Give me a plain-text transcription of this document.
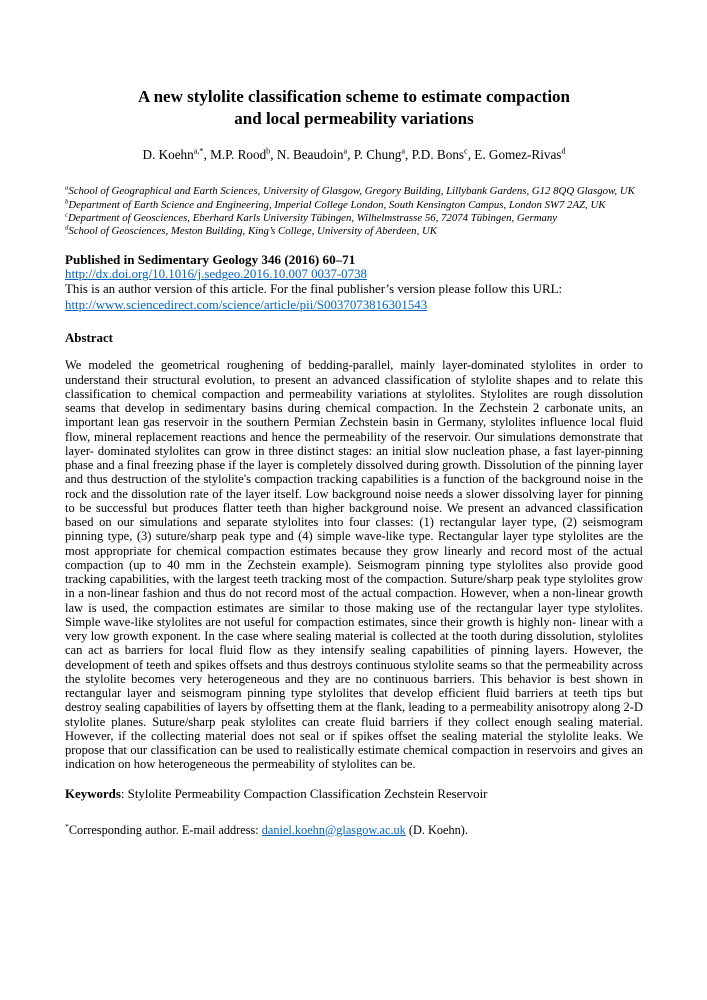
A new stylolite classification scheme to estimate compaction
and local permeability variations

D. Koehn$^{a,*}$, M.P. Rood$^b$, N. Beaudoin$^a$, P. Chung$^a$, P.D. Bons$^c$, E. Gomez-Rivas$^d$

$^a$School of Geographical and Earth Sciences, University of Glasgow, Gregory Building, Lillybank Gardens, G12 8QQ Glasgow, UK

$^b$Department of Earth Science and Engineering, Imperial College London, South Kensington Campus, London SW7 2AZ, UK

$^c$Department of Geosciences, Eberhard Karls University Tübingen, Wilhelmstrasse 56, 72074 Tübingen, Germany

$^d$School of Geosciences, Meston Building, King’s College, University of Aberdeen, UK

Published in Sedimentary Geology 346 (2016) 60–71

http://dx.doi.org/10.1016/j.sedgeo.2016.10.007 0037-0738

This is an author version of this article. For the final publisher’s version please follow this URL:

http://www.sciencedirect.com/science/article/pii/S0037073816301543

Abstract

We modeled the geometrical roughening of bedding-parallel, mainly layer-dominated stylolites in order to understand their structural evolution, to present an advanced classification of stylolite shapes and to relate this classification to chemical compaction and permeability variations at stylolites. Stylolites are rough dissolution seams that develop in sedimentary basins during chemical compaction. In the Zechstein 2 carbonate units, an important lean gas reservoir in the southern Permian Zechstein basin in Germany, stylolites influence local fluid flow, mineral replacement reactions and hence the permeability of the reservoir. Our simulations demonstrate that layer- dominated stylolites can grow in three distinct stages: an initial slow nucleation phase, a fast layer-pinning phase and a final freezing phase if the layer is completely dissolved during growth. Dissolution of the pinning layer and thus destruction of the stylolite's compaction tracking capabilities is a function of the background noise in the rock and the dissolution rate of the layer itself. Low background noise needs a slower dissolving layer for pinning to be successful but produces flatter teeth than higher background noise. We present an advanced classification based on our simulations and separate stylolites into four classes: (1) rectangular layer type, (2) seismogram pinning type, (3) suture/sharp peak type and (4) simple wave-like type. Rectangular layer type stylolites are the most appropriate for chemical compaction estimates because they grow linearly and record most of the actual compaction (up to 40 mm in the Zechstein example). Seismogram pinning type stylolites also provide good tracking capabilities, with the largest teeth tracking most of the compaction. Suture/sharp peak type stylolites grow in a non-linear fashion and thus do not record most of the actual compaction. However, when a non-linear growth law is used, the compaction estimates are similar to those making use of the rectangular layer type stylolites. Simple wave-like stylolites are not useful for compaction estimates, since their growth is highly non- linear with a very low growth exponent. In the case where sealing material is collected at the tooth during dissolution, stylolites can act as barriers for local fluid flow as they intensify sealing capabilities of pinning layers. However, the development of teeth and spikes offsets and thus destroys continuous stylolite seams so that the permeability across the stylolite becomes very heterogeneous and they are no continuous barriers. This behavior is best shown in rectangular layer and seismogram pinning type stylolites that develop efficient fluid barriers at teeth tips but destroy sealing capabilities of layers by offsetting them at the flank, leading to a permeability anisotropy along 2-D stylolite planes. Suture/sharp peak stylolites can create fluid barriers if they collect enough sealing material. However, if the collecting material does not seal or if spikes offset the sealing material the stylolite leaks. We propose that our classification can be used to realistically estimate chemical compaction in reservoirs and gives an indication on how heterogeneous the permeability of stylolites can be.

Keywords: Stylolite Permeability Compaction Classification Zechstein Reservoir

*Corresponding author. E-mail address: daniel.koehn@glasgow.ac.uk (D. Koehn).
